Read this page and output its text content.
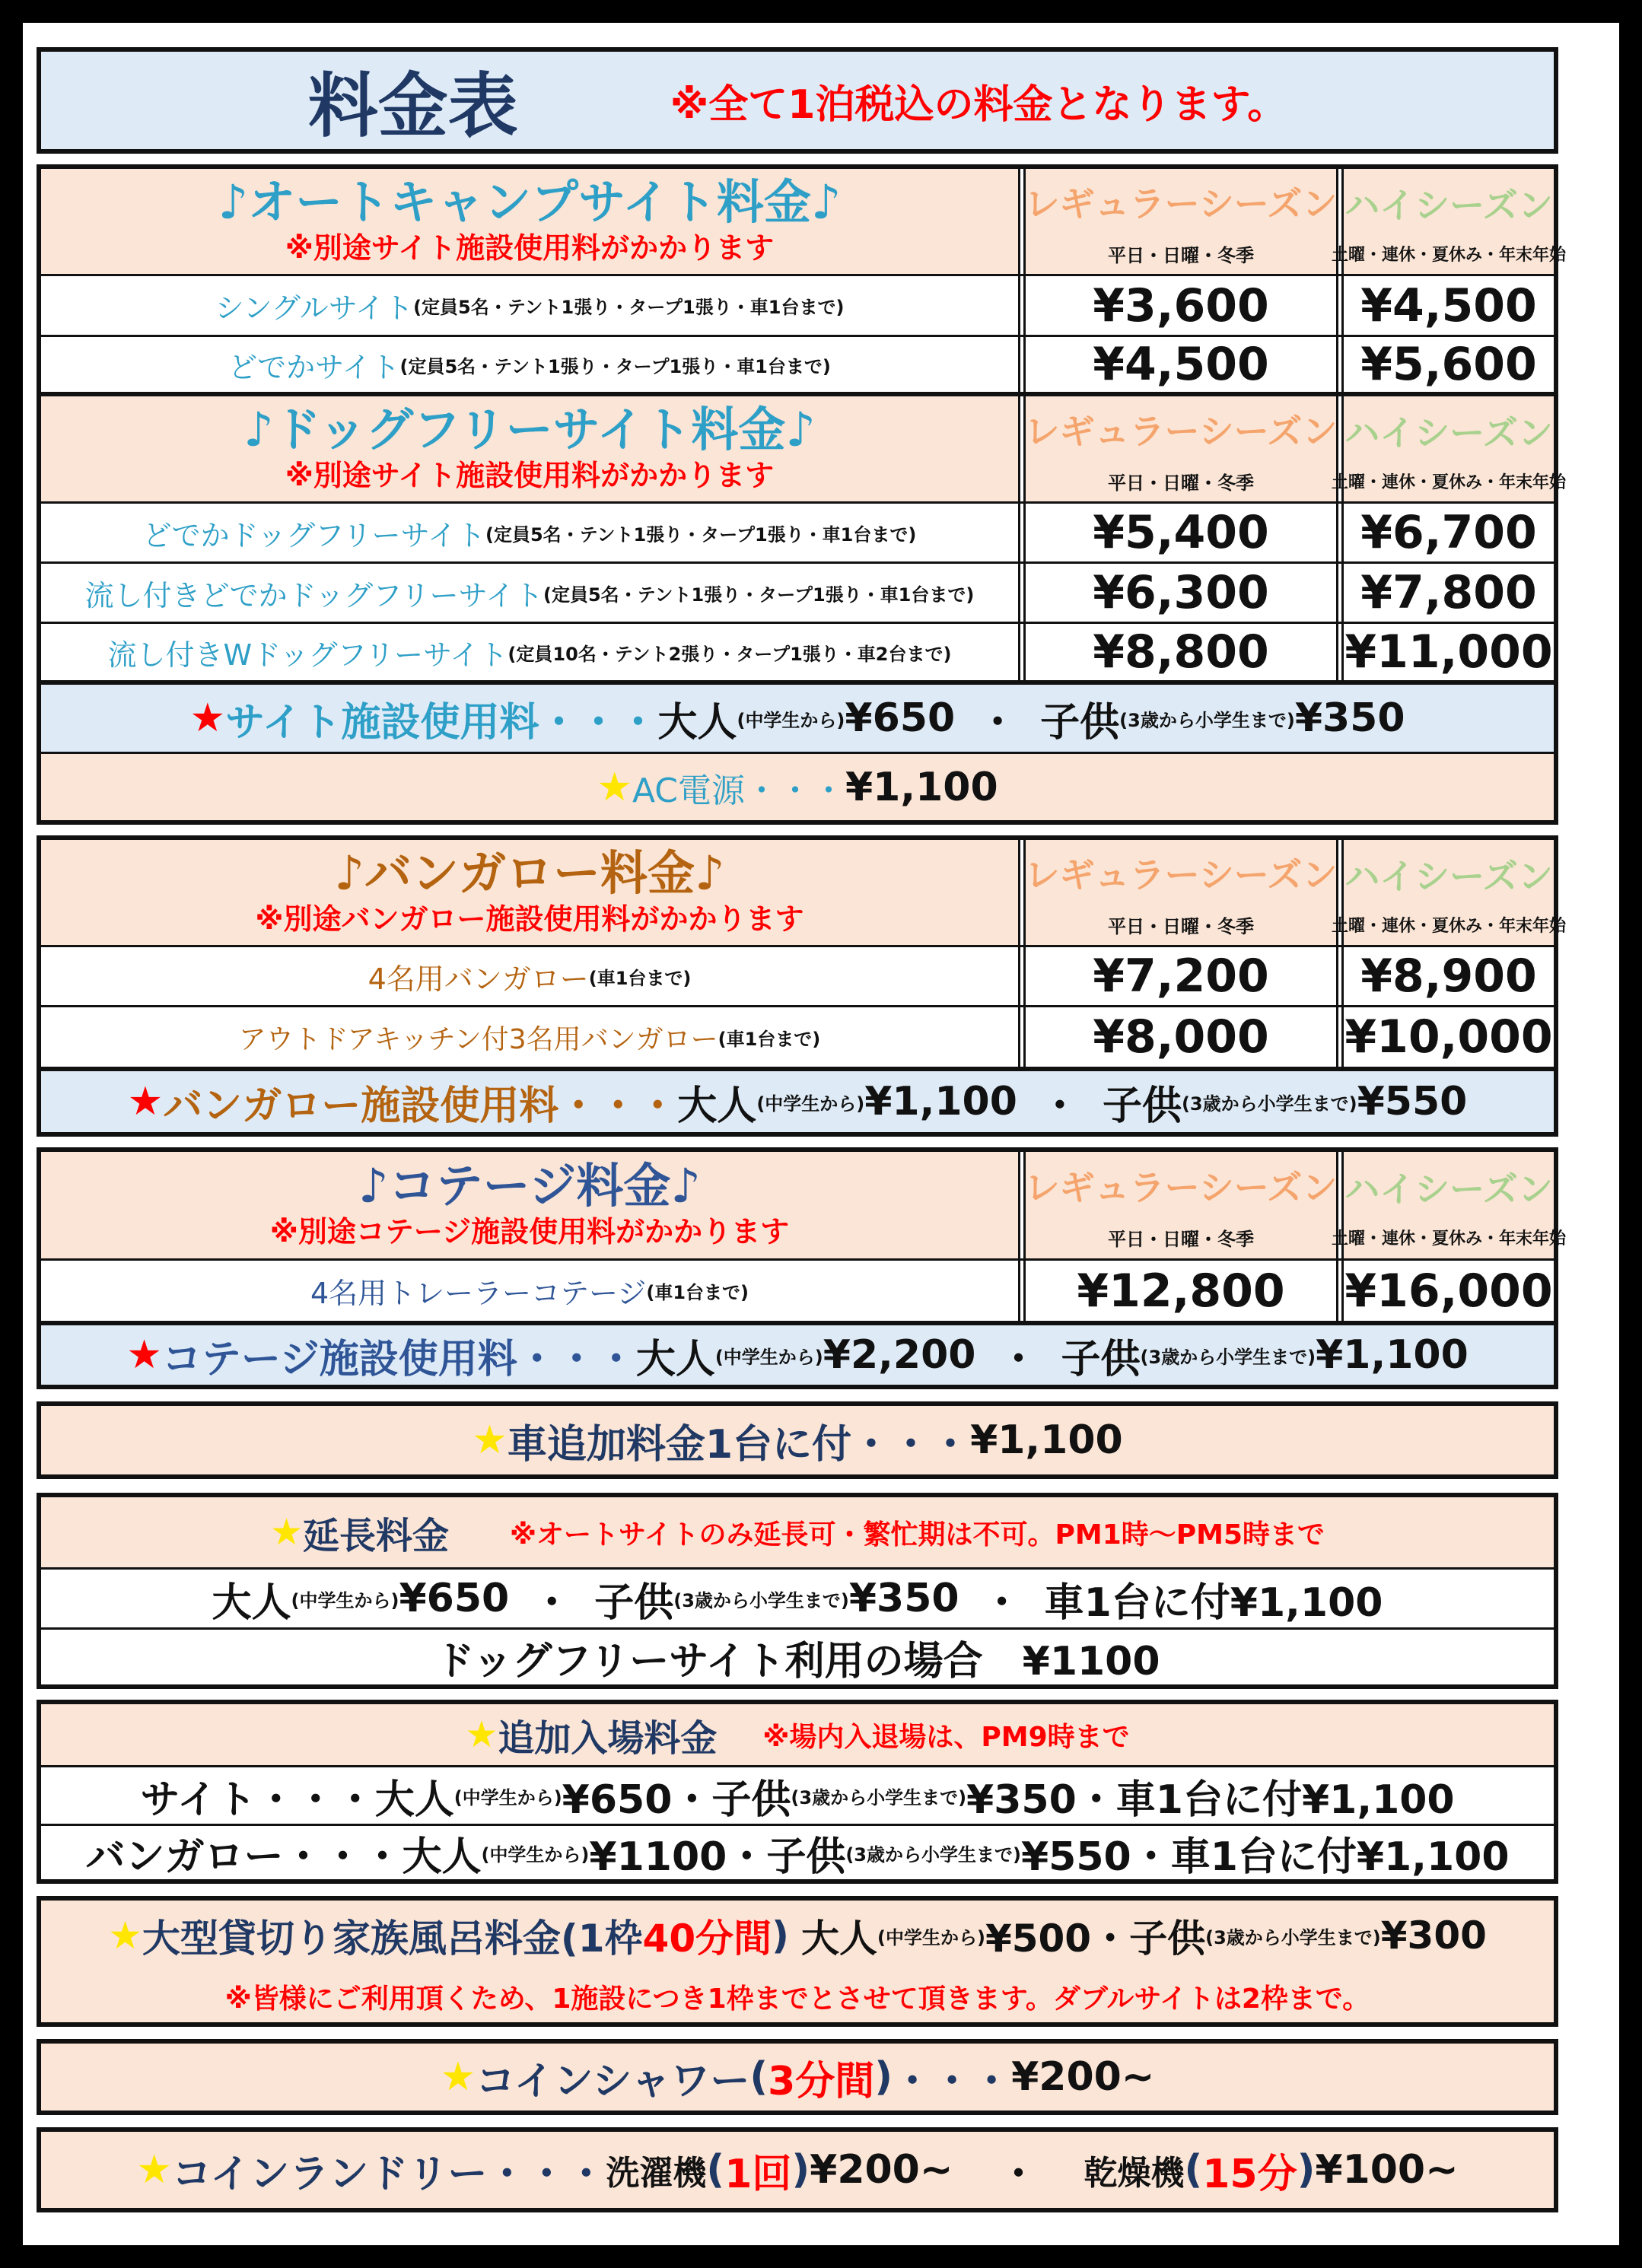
料金表	※全て1泊税込の料金となります。
♪オートキャンプサイト料金♪
※別途サイト施設使用料がかかります
レギュラーシーズン
平日・日曜・冬季
ハイシーズン
土曜・連休・夏休み・年末年始
シングルサイト (定員5名・テント1張り・タープ1張り・車1台まで)	¥3,600	¥4,500
どでかサイト (定員5名・テント1張り・タープ1張り・車1台まで)	¥4,500	¥5,600
♪ドッグフリーサイト料金♪
※別途サイト施設使用料がかかります
レギュラーシーズン
平日・日曜・冬季
ハイシーズン
土曜・連休・夏休み・年末年始
どでかドッグフリーサイト (定員5名・テント1張り・タープ1張り・車1台まで)	¥5,400	¥6,700
流し付きどでかドッグフリーサイト (定員5名・テント1張り・タープ1張り・車1台まで)	¥6,300	¥7,800
流し付きWドッグフリーサイト (定員10名・テント2張り・タープ1張り・車2台まで)	¥8,800	¥11,000
★ サイト施設使用料・・・ 大人 (中学生から) ¥650 ・ 子供 (3歳から小学生まで) ¥350
★ AC電源・・・ ¥1,100
♪バンガロー料金♪
※別途バンガロー施設使用料がかかります
レギュラーシーズン
平日・日曜・冬季
ハイシーズン
土曜・連休・夏休み・年末年始
4名用バンガロー (車1台まで)	¥7,200	¥8,900
アウトドアキッチン付3名用バンガロー (車1台まで)	¥8,000	¥10,000
★ バンガロー施設使用料・・・ 大人 (中学生から) ¥1,100 ・ 子供 (3歳から小学生まで) ¥550
♪コテージ料金♪
※別途コテージ施設使用料がかかります
レギュラーシーズン
平日・日曜・冬季
ハイシーズン
土曜・連休・夏休み・年末年始
4名用トレーラーコテージ (車1台まで)	¥12,800	¥16,000
★ コテージ施設使用料・・・ 大人 (中学生から) ¥2,200 ・ 子供 (3歳から小学生まで) ¥1,100
★ 車追加料金1台に付・・・ ¥1,100
★ 延長料金 ※オートサイトのみ延長可・繁忙期は不可。PM1時～PM5時まで
大人 (中学生から) ¥650 ・ 子供 (3歳から小学生まで) ¥350 ・ 車1台に付¥1,100
ドッグフリーサイト利用の場合　¥1100
★ 追加入場料金 ※場内入退場は、PM9時まで
サイト・・・大人 (中学生から) ¥650・子供 (3歳から小学生まで) ¥350・車1台に付¥1,100
バンガロー・・・大人 (中学生から) ¥1100・子供 (3歳から小学生まで) ¥550・車1台に付¥1,100
★ 大型貸切り家族風呂料金 (1枠 40分間 ) 大人 (中学生から) ¥500・子供 (3歳から小学生まで) ¥300
※皆様にご利用頂くため、1施設につき1枠までとさせて頂きます。ダブルサイトは2枠まで。
★ コインシャワー ( 3分間 ) ・・・ ¥200~
★ コインランドリー・・・ 洗濯機 ( 1回 ) ¥200~ ・ 乾燥機 ( 15分 ) ¥100~
